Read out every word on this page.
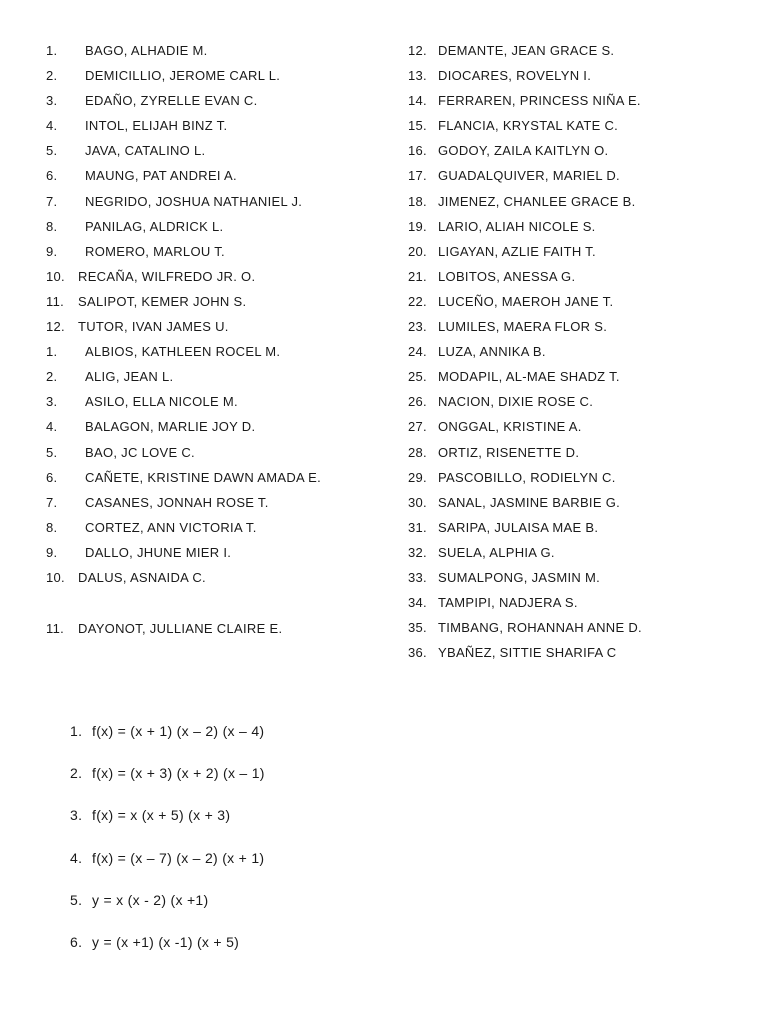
1. BAGO, ALHADIE M.
2. DEMICILLIO, JEROME CARL L.
3. EDAÑO, ZYRELLE EVAN C.
4. INTOL, ELIJAH BINZ T.
5. JAVA, CATALINO L.
6. MAUNG, PAT ANDREI A.
7. NEGRIDO, JOSHUA NATHANIEL J.
8. PANILAG, ALDRICK L.
9. ROMERO, MARLOU T.
10. RECAÑA, WILFREDO JR. O.
11. SALIPOT, KEMER JOHN S.
12. TUTOR, IVAN JAMES U.
1. ALBIOS, KATHLEEN ROCEL M.
2. ALIG, JEAN L.
3. ASILO, ELLA NICOLE M.
4. BALAGON, MARLIE JOY D.
5. BAO, JC LOVE C.
6. CAÑETE, KRISTINE DAWN AMADA E.
7. CASANES, JONNAH ROSE T.
8. CORTEZ, ANN VICTORIA T.
9. DALLO, JHUNE MIER I.
10. DALUS, ASNAIDA C.
11. DAYONOT, JULLIANE CLAIRE E.
12. DEMANTE, JEAN GRACE S.
13. DIOCARES, ROVELYN I.
14. FERRAREN, PRINCESS NIÑA E.
15. FLANCIA, KRYSTAL KATE C.
16. GODOY, ZAILA KAITLYN O.
17. GUADALQUIVER, MARIEL D.
18. JIMENEZ, CHANLEE GRACE B.
19. LARIO, ALIAH NICOLE S.
20. LIGAYAN, AZLIE FAITH T.
21. LOBITOS, ANESSA G.
22. LUCEÑO, MAEROH JANE T.
23. LUMILES, MAERA FLOR S.
24. LUZA, ANNIKA B.
25. MODAPIL, AL-MAE SHADZ T.
26. NACION, DIXIE ROSE C.
27. ONGGAL, KRISTINE A.
28. ORTIZ, RISENETTE D.
29. PASCOBILLO, RODIELYN C.
30. SANAL, JASMINE BARBIE G.
31. SARIPA, JULAISA MAE B.
32. SUELA, ALPHIA G.
33. SUMALPONG, JASMIN M.
34. TAMPIPI, NADJERA S.
35. TIMBANG, ROHANNAH ANNE D.
36. YBAÑEZ, SITTIE SHARIFA C
1. f(x) = (x + 1) (x – 2) (x – 4)
2. f(x) = (x + 3) (x + 2) (x – 1)
3. f(x) = x (x + 5) (x + 3)
4. f(x) = (x – 7) (x – 2) (x + 1)
5. y = x (x - 2) (x +1)
6. y = (x +1) (x -1) (x + 5)
